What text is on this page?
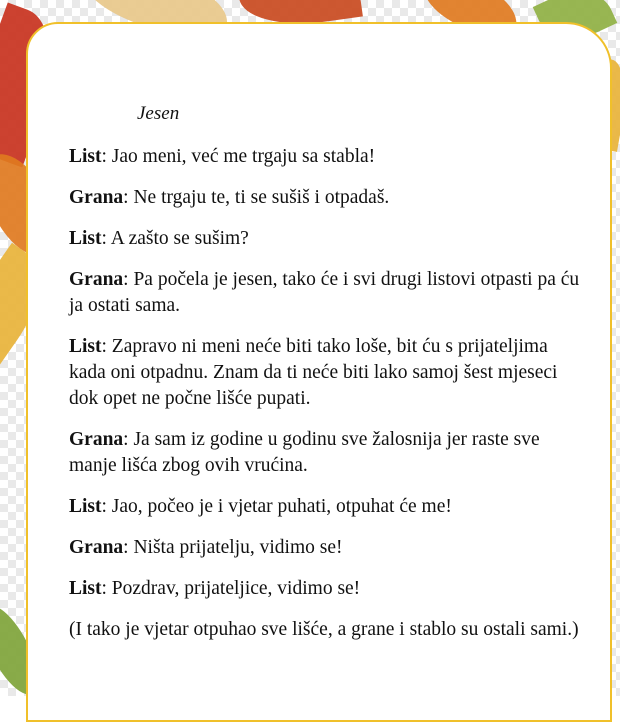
Jesen

List: Jao meni, već me trgaju sa stabla!

Grana: Ne trgaju te, ti se sušiš i otpadaš.

List: A zašto se sušim?

Grana: Pa počela je jesen, tako će i svi drugi listovi otpasti pa ću ja ostati sama.

List: Zapravo ni meni neće biti tako loše, bit ću s prijateljima kada oni otpadnu. Znam da ti neće biti lako samoj šest mjeseci dok opet ne počne lišće pupati.

Grana: Ja sam iz godine u godinu sve žalosnija jer raste sve manje lišća zbog ovih vrućina.

List: Jao, počeo je i vjetar puhati, otpuhat će me!

Grana: Ništa prijatelju, vidimo se!

List: Pozdrav, prijateljice, vidimo se!

(I tako je vjetar otpuhao sve lišće, a grane i stablo su ostali sami.)
